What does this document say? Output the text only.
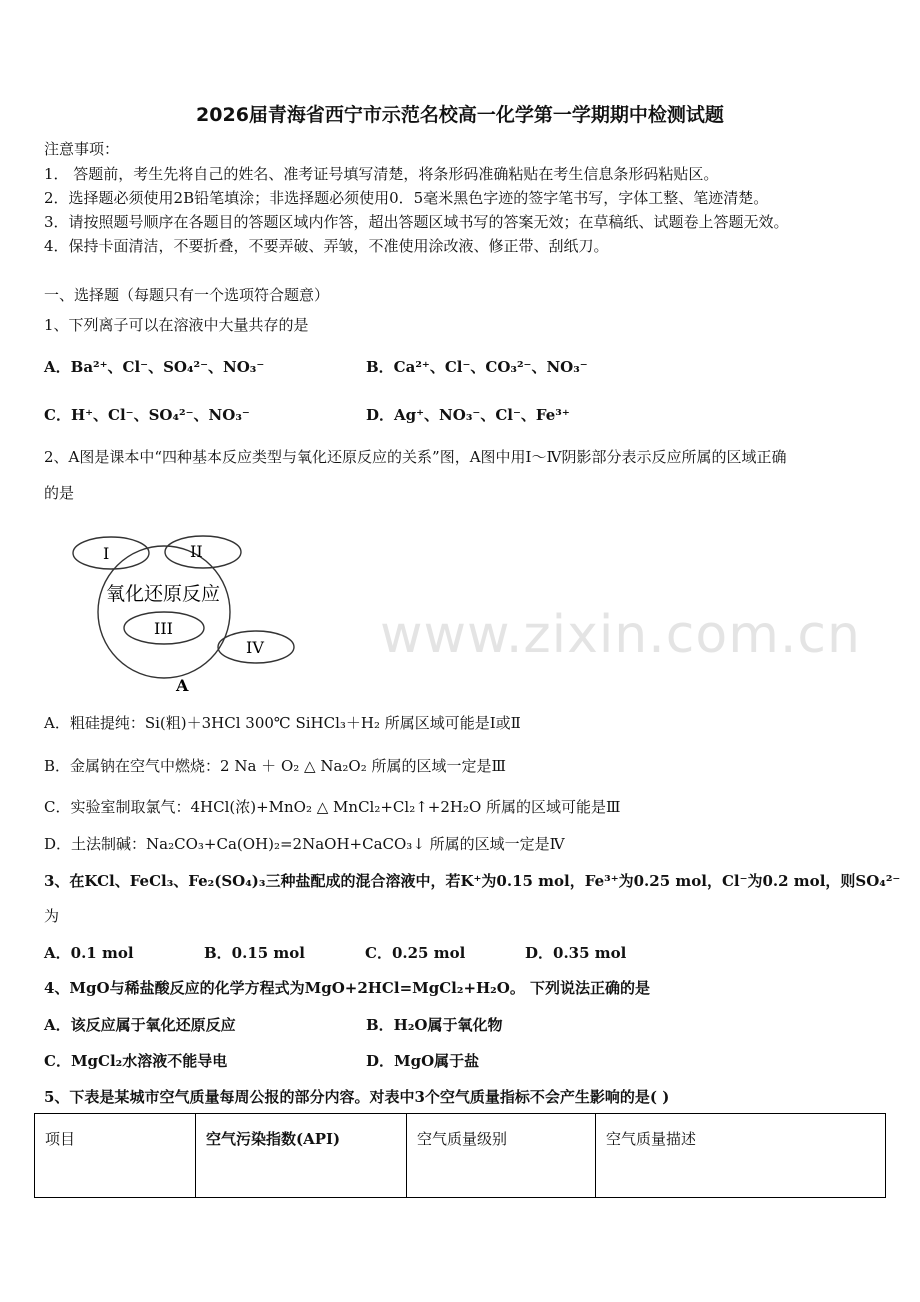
2026届青海省西宁市示范名校高一化学第一学期期中检测试题
注意事项：
1． 答题前，考生先将自己的姓名、准考证号填写清楚，将条形码准确粘贴在考生信息条形码粘贴区。
2．选择题必须使用2B铅笔填涂；非选择题必须使用0．5毫米黑色字迹的签字笔书写，字体工整、笔迹清楚。
3．请按照题号顺序在各题目的答题区域内作答，超出答题区域书写的答案无效；在草稿纸、试题卷上答题无效。
4．保持卡面清洁，不要折叠，不要弄破、弄皱，不准使用涂改液、修正带、刮纸刀。
一、选择题（每题只有一个选项符合题意）
1、下列离子可以在溶液中大量共存的是
A．Ba²⁺、Cl⁻、SO₄²⁻、NO₃⁻	B．Ca²⁺、Cl⁻、CO₃²⁻、NO₃⁻
C．H⁺、Cl⁻、SO₄²⁻、NO₃⁻	D．Ag⁺、NO₃⁻、Cl⁻、Fe³⁺
2、A图是课本中“四种基本反应类型与氧化还原反应的关系”图，A图中用Ⅰ～Ⅳ阴影部分表示反应所属的区域正确
的是
I	II
III
IV
氧化还原反应
A
www.zixin.com.cn
A．粗硅提纯：Si(粗)＋3HCl 300℃ SiHCl₃＋H₂ 所属区域可能是Ⅰ或Ⅱ
B．金属钠在空气中燃烧：2 Na ＋ O₂ △ Na₂O₂ 所属的区域一定是Ⅲ
C．实验室制取氯气：4HCl(浓)+MnO₂ △ MnCl₂+Cl₂↑+2H₂O 所属的区域可能是Ⅲ
D．土法制碱：Na₂CO₃+Ca(OH)₂=2NaOH+CaCO₃↓ 所属的区域一定是Ⅳ
3、在KCl、FeCl₃、Fe₂(SO₄)₃三种盐配成的混合溶液中，若K⁺为0.15 mol，Fe³⁺为0.25 mol，Cl⁻为0.2 mol，则SO₄²⁻
为
A．0.1 mol	B．0.15 mol	C．0.25 mol	D．0.35 mol
4、MgO与稀盐酸反应的化学方程式为MgO+2HCl=MgCl₂+H₂O。 下列说法正确的是
A．该反应属于氧化还原反应	B．H₂O属于氧化物
C．MgCl₂水溶液不能导电	D．MgO属于盐
5、下表是某城市空气质量每周公报的部分内容。对表中3个空气质量指标不会产生影响的是( )
项目	空气污染指数(API)	空气质量级别	空气质量描述
